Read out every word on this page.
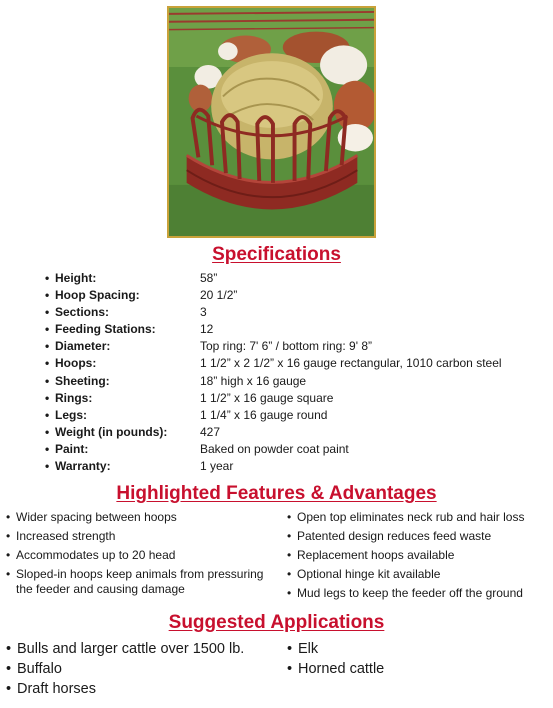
Specifications
• Height:	58”
• Hoop Spacing:	20 1/2”
• Sections:	3
• Feeding Stations:	12
• Diameter:	Top ring: 7' 6” / bottom ring: 9' 8”
• Hoops:	1 1/2” x 2 1/2” x 16 gauge rectangular, 1010 carbon steel
• Sheeting:	18” high x 16 gauge
• Rings:	1 1/2” x 16 gauge square
• Legs:	1 1/4” x 16 gauge round
• Weight (in pounds):	427
• Paint:	Baked on powder coat paint
• Warranty:	1 year
Highlighted Features & Advantages
• Wider spacing between hoops
• Increased strength
• Accommodates up to 20 head
• Sloped-in hoops keep animals from pressuring the feeder and causing damage
• Open top eliminates neck rub and hair loss
• Patented design reduces feed waste
• Replacement hoops available
• Optional hinge kit available
• Mud legs to keep the feeder off the ground
Suggested Applications
• Bulls and larger cattle over 1500 lb.
• Buffalo
• Draft horses
• Elk
• Horned cattle
